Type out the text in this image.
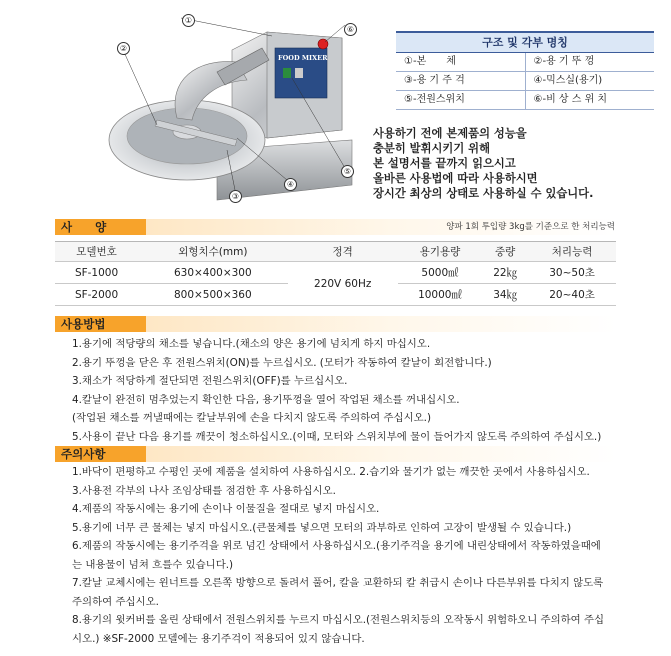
FOOD MIXER
①
②
③
④
⑤
⑥
구조 및 각부 명칭
①-본　　체	②-용 기 뚜 껑
③-용 기 주 걱	④-믹스실(용기)
⑤-전원스위치	⑥-비 상 스 위 치
사용하기 전에 본제품의 성능을
충분히 발휘시키기 위해
본 설명서를 끝까지 읽으시고
올바른 사용법에 따라 사용하시면
장시간 최상의 상태로 사용하실 수 있습니다.
사　　양	양파 1회 투입량 3kg를 기준으로 한 처리능력
모델번호	외형치수(mm)	정격	용기용량	중량	처리능력
SF-1000	630×400×300	220V 60Hz	5000㎖	22㎏	30~50초
SF-2000	800×500×360		10000㎖	34㎏	20~40초
사용방법
1.용기에 적당량의 채소를 넣습니다.(채소의 양은 용기에 넘치게 하지 마십시오.
2.용기 뚜껑을 닫은 후 전원스위치(ON)를 누르십시오. (모터가 작동하여 칼날이 회전합니다.)
3.채소가 적당하게 절단되면 전원스위치(OFF)를 누르십시오.
4.칼날이 완전히 멈추었는지 확인한 다음, 용기뚜껑을 열어 작업된 채소를 꺼내십시오.
(작업된 채소를 꺼낼때에는 칼날부위에 손을 다치지 않도록 주의하여 주십시오.)
5.사용이 끝난 다음 용기를 깨끗이 청소하십시오.(이때, 모터와 스위치부에 물이 들어가지 않도록 주의하여 주십시오.)
주의사항
1.바닥이 편평하고 수평인 곳에 제품을 설치하여 사용하십시오. 2.습기와 물기가 없는 깨끗한 곳에서 사용하십시오.
3.사용전 각부의 나사 조임상태를 점검한 후 사용하십시오.
4.제품의 작동시에는 용기에 손이나 이물질을 절대로 넣지 마십시오.
5.용기에 너무 큰 물체는 넣지 마십시오.(큰물체를 넣으면 모터의 과부하로 인하여 고장이 발생될 수 있습니다.)
6.제품의 작동시에는 용기주걱을 위로 넘긴 상태에서 사용하십시오.(용기주걱을 용기에 내린상태에서 작동하였을때에
는 내용물이 넘쳐 흐를수 있습니다.)
7.칼날 교체시에는 윈너트를 오른쪽 방향으로 돌려서 풀어, 칼을 교환하되 칼 취급시 손이나 다른부위를 다치지 않도록
주의하여 주십시오.
8.용기의 윗커버를 올린 상태에서 전원스위치를 누르지 마십시오.(전원스위치등의 오작동시 위험하오니 주의하여 주십
시오.) ※SF-2000 모델에는 용기주걱이 적용되어 있지 않습니다.
